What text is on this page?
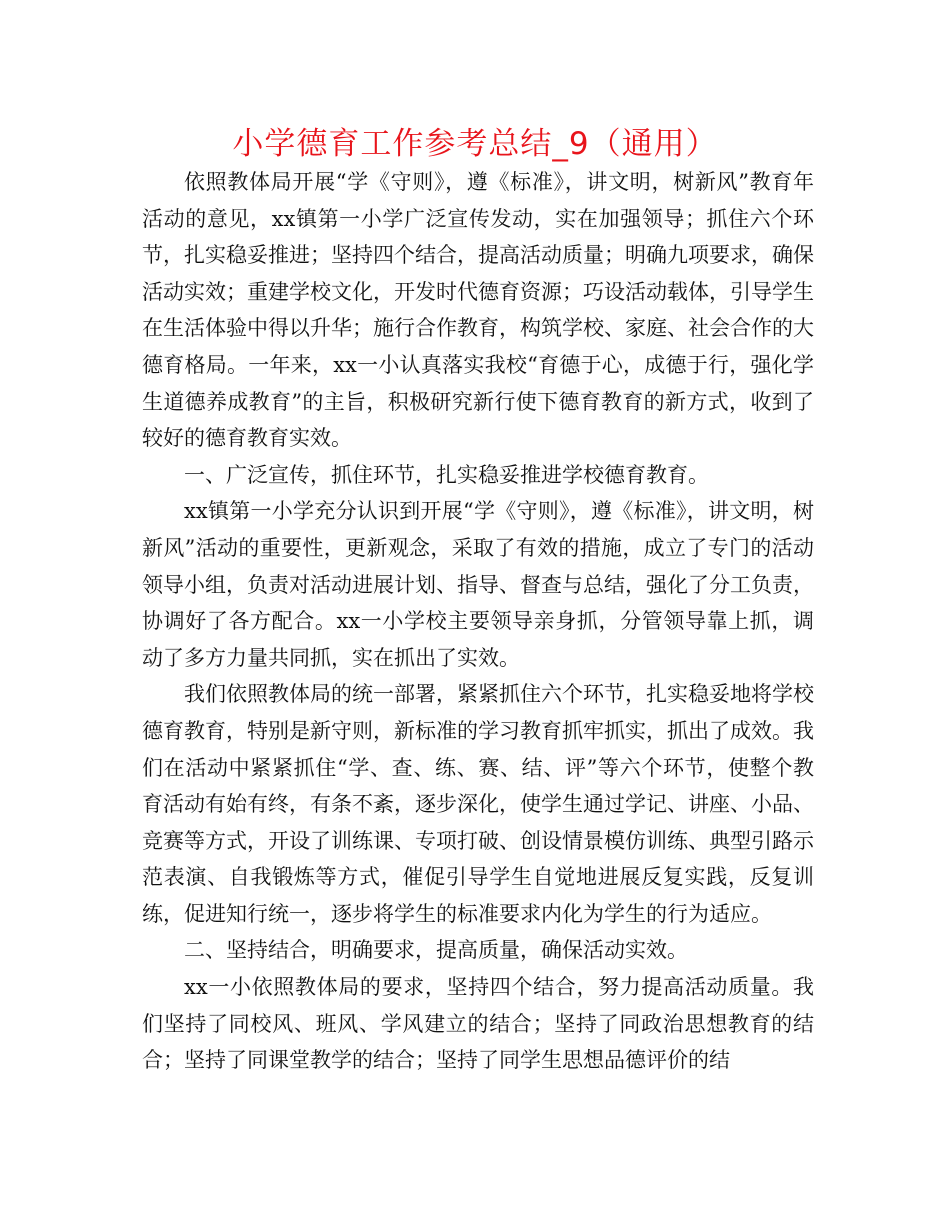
小学德育工作参考总结_9（通用）

依照教体局开展“学《守则》，遵《标准》，讲文明，树新风”教育年活动的意见，xx镇第一小学广泛宣传发动，实在加强领导；抓住六个环节，扎实稳妥推进；坚持四个结合，提高活动质量；明确九项要求，确保活动实效；重建学校文化，开发时代德育资源；巧设活动载体，引导学生在生活体验中得以升华；施行合作教育，构筑学校、家庭、社会合作的大德育格局。一年来，xx一小认真落实我校“育德于心，成德于行，强化学生道德养成教育”的主旨，积极研究新行使下德育教育的新方式，收到了较好的德育教育实效。

一、广泛宣传，抓住环节，扎实稳妥推进学校德育教育。

xx镇第一小学充分认识到开展“学《守则》，遵《标准》，讲文明，树新风”活动的重要性，更新观念，采取了有效的措施，成立了专门的活动领导小组，负责对活动进展计划、指导、督查与总结，强化了分工负责，协调好了各方配合。xx一小学校主要领导亲身抓，分管领导靠上抓，调动了多方力量共同抓，实在抓出了实效。

我们依照教体局的统一部署，紧紧抓住六个环节，扎实稳妥地将学校德育教育，特别是新守则，新标准的学习教育抓牢抓实，抓出了成效。我们在活动中紧紧抓住“学、查、练、赛、结、评”等六个环节，使整个教育活动有始有终，有条不紊，逐步深化，使学生通过学记、讲座、小品、竞赛等方式，开设了训练课、专项打破、创设情景模仿训练、典型引路示范表演、自我锻炼等方式，催促引导学生自觉地进展反复实践，反复训练，促进知行统一，逐步将学生的标准要求内化为学生的行为适应。

二、坚持结合，明确要求，提高质量，确保活动实效。

xx一小依照教体局的要求，坚持四个结合，努力提高活动质量。我们坚持了同校风、班风、学风建立的结合；坚持了同政治思想教育的结合；坚持了同课堂教学的结合；坚持了同学生思想品德评价的结
